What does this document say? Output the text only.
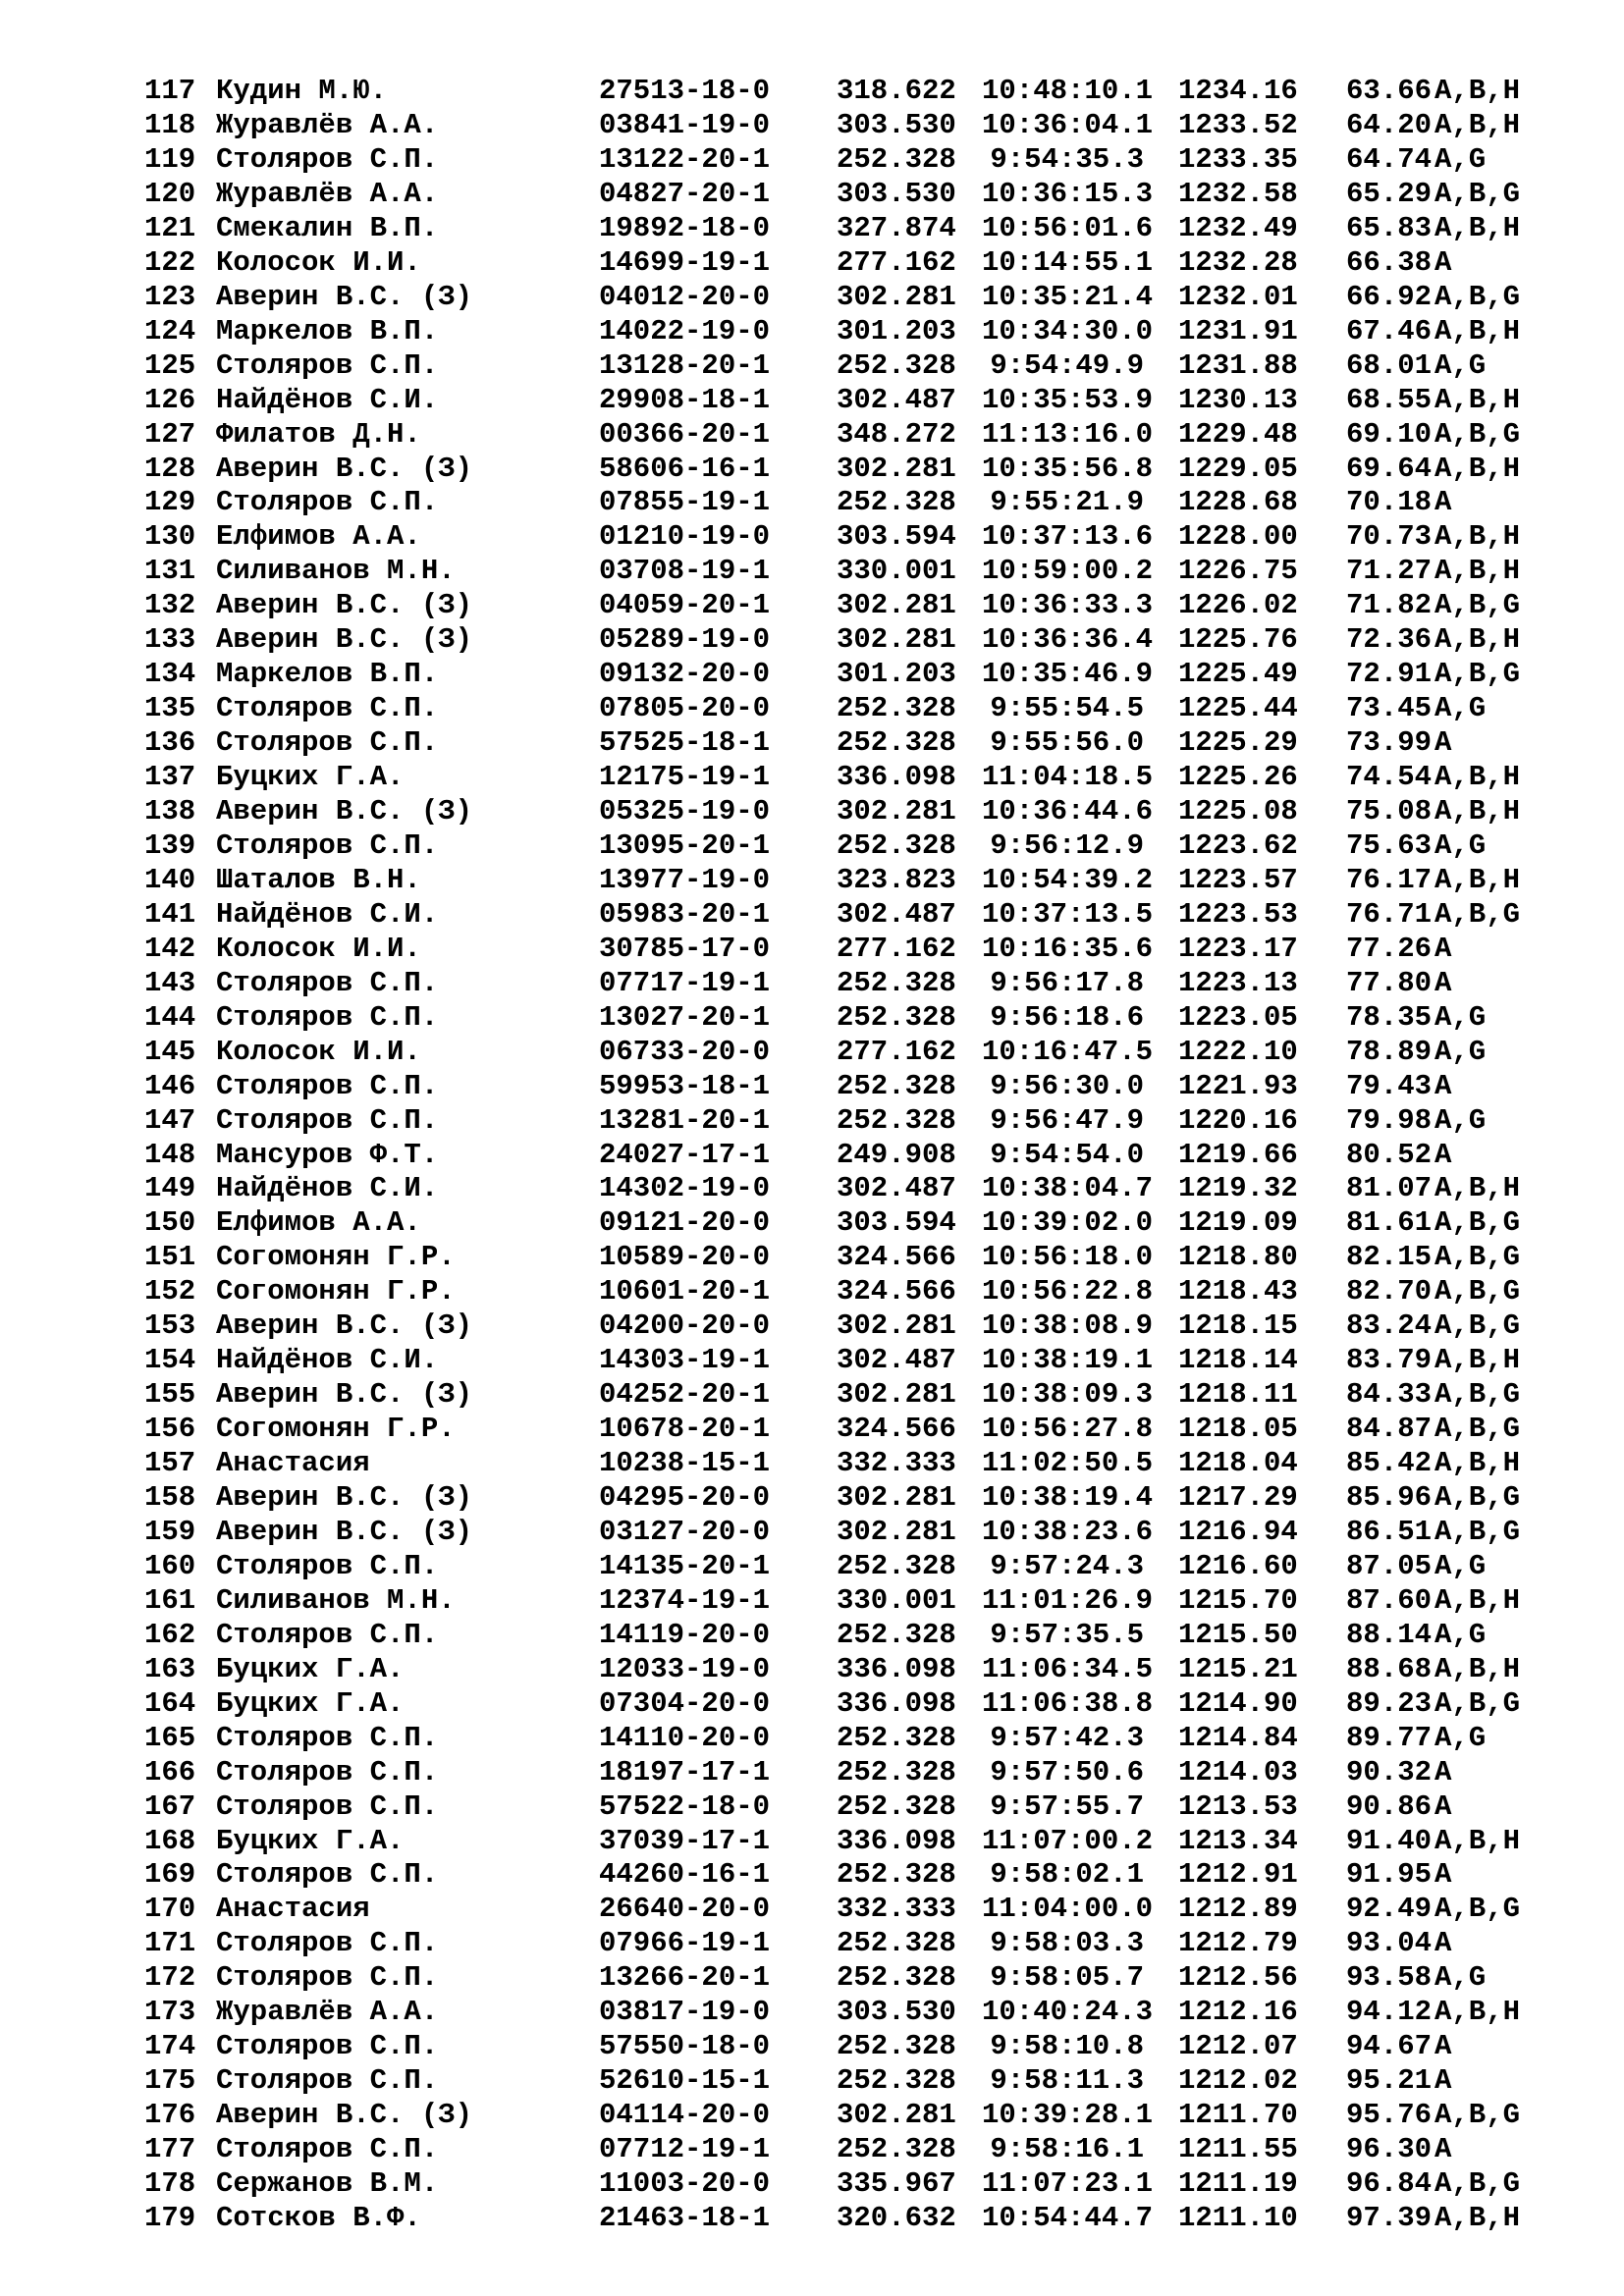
117 Кудин М.Ю.	27513-18-0 318.622 10:48:10.1 1234.16 63.66 A,B,H
118 Журавлёв А.А.	03841-19-0 303.530 10:36:04.1 1233.52 64.20 A,B,H
119 Столяров С.П.	13122-20-1 252.328 9:54:35.3 1233.35 64.74 A,G
120 Журавлёв А.А.	04827-20-1 303.530 10:36:15.3 1232.58 65.29 A,B,G
121 Смекалин В.П.	19892-18-0 327.874 10:56:01.6 1232.49 65.83 A,B,H
122 Колосок И.И.	14699-19-1 277.162 10:14:55.1 1232.28 66.38 A
123 Аверин В.С. (З)	04012-20-0 302.281 10:35:21.4 1232.01 66.92 A,B,G
124 Маркелов В.П.	14022-19-0 301.203 10:34:30.0 1231.91 67.46 A,B,H
125 Столяров С.П.	13128-20-1 252.328 9:54:49.9 1231.88 68.01 A,G
126 Найдёнов С.И.	29908-18-1 302.487 10:35:53.9 1230.13 68.55 A,B,H
127 Филатов Д.Н.	00366-20-1 348.272 11:13:16.0 1229.48 69.10 A,B,G
128 Аверин В.С. (З)	58606-16-1 302.281 10:35:56.8 1229.05 69.64 A,B,H
129 Столяров С.П.	07855-19-1 252.328 9:55:21.9 1228.68 70.18 A
130 Елфимов А.А.	01210-19-0 303.594 10:37:13.6 1228.00 70.73 A,B,H
131 Силиванов М.Н.	03708-19-1 330.001 10:59:00.2 1226.75 71.27 A,B,H
132 Аверин В.С. (З)	04059-20-1 302.281 10:36:33.3 1226.02 71.82 A,B,G
133 Аверин В.С. (З)	05289-19-0 302.281 10:36:36.4 1225.76 72.36 A,B,H
134 Маркелов В.П.	09132-20-0 301.203 10:35:46.9 1225.49 72.91 A,B,G
135 Столяров С.П.	07805-20-0 252.328 9:55:54.5 1225.44 73.45 A,G
136 Столяров С.П.	57525-18-1 252.328 9:55:56.0 1225.29 73.99 A
137 Буцких Г.А.	12175-19-1 336.098 11:04:18.5 1225.26 74.54 A,B,H
138 Аверин В.С. (З)	05325-19-0 302.281 10:36:44.6 1225.08 75.08 A,B,H
139 Столяров С.П.	13095-20-1 252.328 9:56:12.9 1223.62 75.63 A,G
140 Шаталов В.Н.	13977-19-0 323.823 10:54:39.2 1223.57 76.17 A,B,H
141 Найдёнов С.И.	05983-20-1 302.487 10:37:13.5 1223.53 76.71 A,B,G
142 Колосок И.И.	30785-17-0 277.162 10:16:35.6 1223.17 77.26 A
143 Столяров С.П.	07717-19-1 252.328 9:56:17.8 1223.13 77.80 A
144 Столяров С.П.	13027-20-1 252.328 9:56:18.6 1223.05 78.35 A,G
145 Колосок И.И.	06733-20-0 277.162 10:16:47.5 1222.10 78.89 A,G
146 Столяров С.П.	59953-18-1 252.328 9:56:30.0 1221.93 79.43 A
147 Столяров С.П.	13281-20-1 252.328 9:56:47.9 1220.16 79.98 A,G
148 Мансуров Ф.Т.	24027-17-1 249.908 9:54:54.0 1219.66 80.52 A
149 Найдёнов С.И.	14302-19-0 302.487 10:38:04.7 1219.32 81.07 A,B,H
150 Елфимов А.А.	09121-20-0 303.594 10:39:02.0 1219.09 81.61 A,B,G
151 Согомонян Г.Р.	10589-20-0 324.566 10:56:18.0 1218.80 82.15 A,B,G
152 Согомонян Г.Р.	10601-20-1 324.566 10:56:22.8 1218.43 82.70 A,B,G
153 Аверин В.С. (З)	04200-20-0 302.281 10:38:08.9 1218.15 83.24 A,B,G
154 Найдёнов С.И.	14303-19-1 302.487 10:38:19.1 1218.14 83.79 A,B,H
155 Аверин В.С. (З)	04252-20-1 302.281 10:38:09.3 1218.11 84.33 A,B,G
156 Согомонян Г.Р.	10678-20-1 324.566 10:56:27.8 1218.05 84.87 A,B,G
157 Анастасия	10238-15-1 332.333 11:02:50.5 1218.04 85.42 A,B,H
158 Аверин В.С. (З)	04295-20-0 302.281 10:38:19.4 1217.29 85.96 A,B,G
159 Аверин В.С. (З)	03127-20-0 302.281 10:38:23.6 1216.94 86.51 A,B,G
160 Столяров С.П.	14135-20-1 252.328 9:57:24.3 1216.60 87.05 A,G
161 Силиванов М.Н.	12374-19-1 330.001 11:01:26.9 1215.70 87.60 A,B,H
162 Столяров С.П.	14119-20-0 252.328 9:57:35.5 1215.50 88.14 A,G
163 Буцких Г.А.	12033-19-0 336.098 11:06:34.5 1215.21 88.68 A,B,H
164 Буцких Г.А.	07304-20-0 336.098 11:06:38.8 1214.90 89.23 A,B,G
165 Столяров С.П.	14110-20-0 252.328 9:57:42.3 1214.84 89.77 A,G
166 Столяров С.П.	18197-17-1 252.328 9:57:50.6 1214.03 90.32 A
167 Столяров С.П.	57522-18-0 252.328 9:57:55.7 1213.53 90.86 A
168 Буцких Г.А.	37039-17-1 336.098 11:07:00.2 1213.34 91.40 A,B,H
169 Столяров С.П.	44260-16-1 252.328 9:58:02.1 1212.91 91.95 A
170 Анастасия	26640-20-0 332.333 11:04:00.0 1212.89 92.49 A,B,G
171 Столяров С.П.	07966-19-1 252.328 9:58:03.3 1212.79 93.04 A
172 Столяров С.П.	13266-20-1 252.328 9:58:05.7 1212.56 93.58 A,G
173 Журавлёв А.А.	03817-19-0 303.530 10:40:24.3 1212.16 94.12 A,B,H
174 Столяров С.П.	57550-18-0 252.328 9:58:10.8 1212.07 94.67 A
175 Столяров С.П.	52610-15-1 252.328 9:58:11.3 1212.02 95.21 A
176 Аверин В.С. (З)	04114-20-0 302.281 10:39:28.1 1211.70 95.76 A,B,G
177 Столяров С.П.	07712-19-1 252.328 9:58:16.1 1211.55 96.30 A
178 Сержанов В.М.	11003-20-0 335.967 11:07:23.1 1211.19 96.84 A,B,G
179 Сотсков В.Ф.	21463-18-1 320.632 10:54:44.7 1211.10 97.39 A,B,H
